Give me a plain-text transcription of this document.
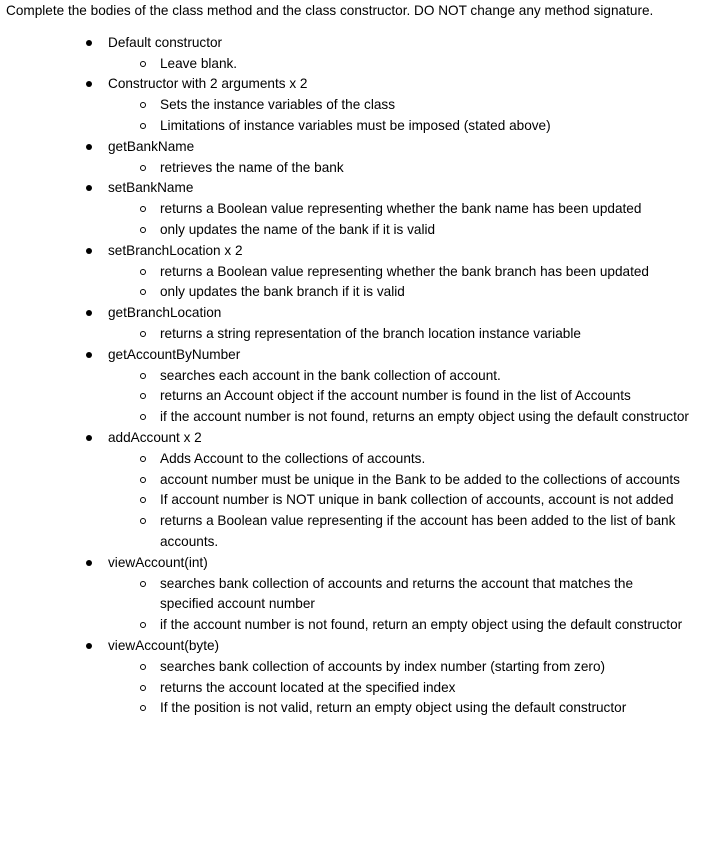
Complete the bodies of the class method and the class constructor. DO NOT change any method signature.

Default constructor
Leave blank.
Constructor with 2 arguments x 2
Sets the instance variables of the class
Limitations of instance variables must be imposed (stated above)
getBankName
retrieves the name of the bank
setBankName
returns a Boolean value representing whether the bank name has been updated
only updates the name of the bank if it is valid
setBranchLocation x 2
returns a Boolean value representing whether the bank branch has been updated
only updates the bank branch if it is valid
getBranchLocation
returns a string representation of the branch location instance variable
getAccountByNumber
searches each account in the bank collection of account.
returns an Account object if the account number is found in the list of Accounts
if the account number is not found, returns an empty object using the default constructor
addAccount x 2
Adds Account to the collections of accounts.
account number must be unique in the Bank to be added to the collections of accounts
If account number is NOT unique in bank collection of accounts, account is not added
returns a Boolean value representing if the account has been added to the list of bank accounts.
viewAccount(int)
searches bank collection of accounts and returns the account that matches the specified account number
if the account number is not found, return an empty object using the default constructor
viewAccount(byte)
searches bank collection of accounts by index number (starting from zero)
returns the account located at the specified index
If the position is not valid, return an empty object using the default constructor
